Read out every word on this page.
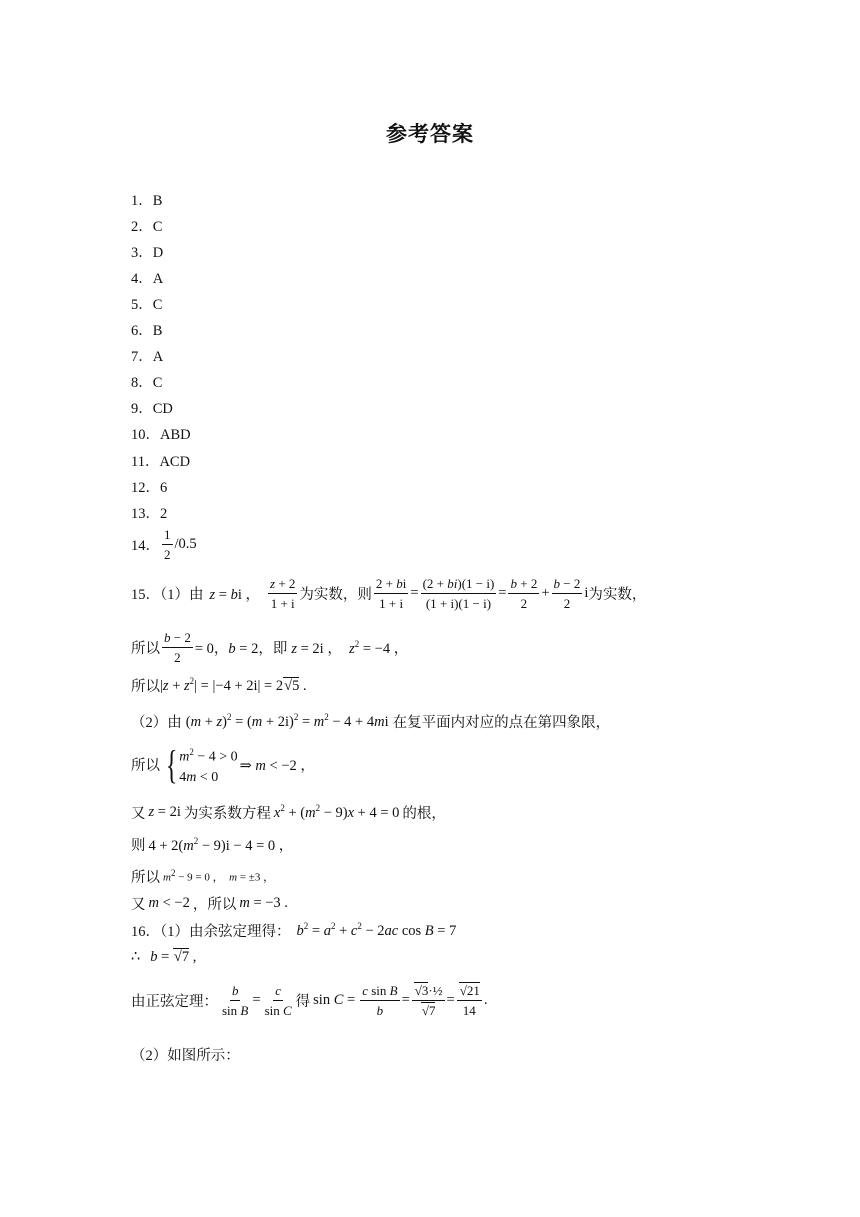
参考答案
1．B
2．C
3．D
4．A
5．C
6．B
7．A
8．C
9．CD
10．ABD
11．ACD
12．6
13．2
14． $\frac{1}{2} /0.5$
15．（1）由 z = bi ， $\frac{z + 2}{1 + i}$ 为实数，则 $\frac{2 + bi}{1 + i} = \frac{(2 + bi)(1 - i)}{(1 + i)(1 - i)} = \frac{b + 2}{2} + \frac{b - 2}{2}$ i 为实数，
所以 $\frac{b - 2}{2} = 0$，b = 2 ，即 z = 2i ，  $z^2 = -4$ ，
所以 $|z + z^2| = |-4 + 2i| = 2√5$ .
（2）由 $(m + z)^2 = (m + 2i)^2 = m^2 - 4 + 4mi$ 在复平面内对应的点在第四象限，
所以 { $m^2 - 4 > 0$
4m < 0
⇒ m < −2 ，
又 z = 2i 为实系数方程 $x^2 + (m^2 - 9)x + 4 = 0$ 的根，
则 $4 + 2(m^2 - 9)i - 4 = 0$ ，
所以 $m^2 - 9 = 0$ ，  m = ±3 ，
又 m < −2 ，所以 m = −3 .
16．（1）由余弦定理得： $b^2 = a^2 + c^2 - 2ac$ cos B = 7
∴ b = √7 ,
由正弦定理： $\frac{b}{\text{sin B}} = \frac{c}{\text{sin C}}$ 得 $\sin C = \frac{\text{c sin B}}{b} = \frac{\text{√3·½}}{√7} = \frac{√21}{14}$ .
（2）如图所示：
